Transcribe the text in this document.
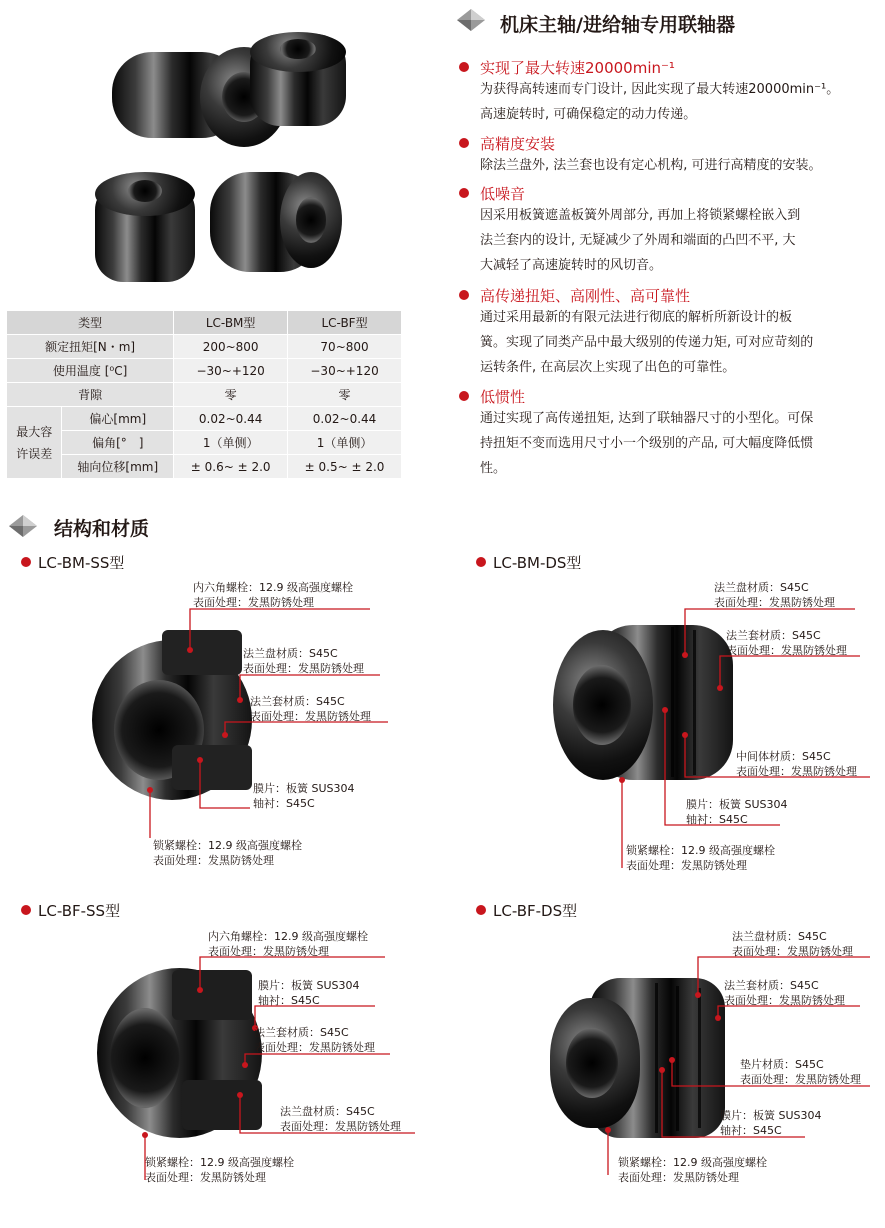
机床主轴/进给轴专用联轴器
实现了最大转速20000min⁻¹
为获得高转速而专门设计, 因此实现了最大转速20000min⁻¹。
高速旋转时, 可确保稳定的动力传递。
高精度安装
除法兰盘外, 法兰套也设有定心机构, 可进行高精度的安装。
低噪音
因采用板簧遮盖板簧外周部分, 再加上将锁紧螺栓嵌入到
法兰套内的设计, 无疑减少了外周和端面的凸凹不平, 大
大减轻了高速旋转时的风切音。
高传递扭矩、高刚性、高可靠性
通过采用最新的有限元法进行彻底的解析所新设计的板
簧。实现了同类产品中最大级别的传递力矩, 可对应苛刻的
运转条件, 在高层次上实现了出色的可靠性。
低惯性
通过实现了高传递扭矩, 达到了联轴器尺寸的小型化。可保
持扭矩不变而选用尺寸小一个级别的产品, 可大幅度降低惯
性。
类型		LC-BM型	LC-BF型
额定扭矩[N・m]		200~800	70~800
使用温度 [⁰C]		−30~+120	−30~+120
背隙		零	零

最大容
许误差	偏心[mm]	0.02~0.44	0.02~0.44
	偏角[°　]	1（单侧）	1（单侧）
	轴向位移[mm]	± 0.6~ ± 2.0	± 0.5~ ± 2.0
结构和材质
LC-BM-SS型	LC-BM-DS型
LC-BF-SS型	LC-BF-DS型
内六角螺栓：12.9 级高强度螺栓
表面处理：发黑防锈处理
法兰盘材质：S45C
表面处理：发黑防锈处理
法兰套材质：S45C
表面处理：发黑防锈处理
膜片：板簧 SUS304
轴衬：S45C
锁紧螺栓：12.9 级高强度螺栓
表面处理：发黑防锈处理
法兰盘材质：S45C
表面处理：发黑防锈处理
法兰套材质：S45C
表面处理：发黑防锈处理
中间体材质：S45C
表面处理：发黑防锈处理
膜片：板簧 SUS304
轴衬：S45C
锁紧螺栓：12.9 级高强度螺栓
表面处理：发黑防锈处理
内六角螺栓：12.9 级高强度螺栓
表面处理：发黑防锈处理
膜片：板簧 SUS304
轴衬：S45C
法兰套材质：S45C
表面处理：发黑防锈处理
法兰盘材质：S45C
表面处理：发黑防锈处理
锁紧螺栓：12.9 级高强度螺栓
表面处理：发黑防锈处理
法兰盘材质：S45C
表面处理：发黑防锈处理
法兰套材质：S45C
表面处理：发黑防锈处理
垫片材质：S45C
表面处理：发黑防锈处理
膜片：板簧 SUS304
轴衬：S45C
锁紧螺栓：12.9 级高强度螺栓
表面处理：发黑防锈处理
